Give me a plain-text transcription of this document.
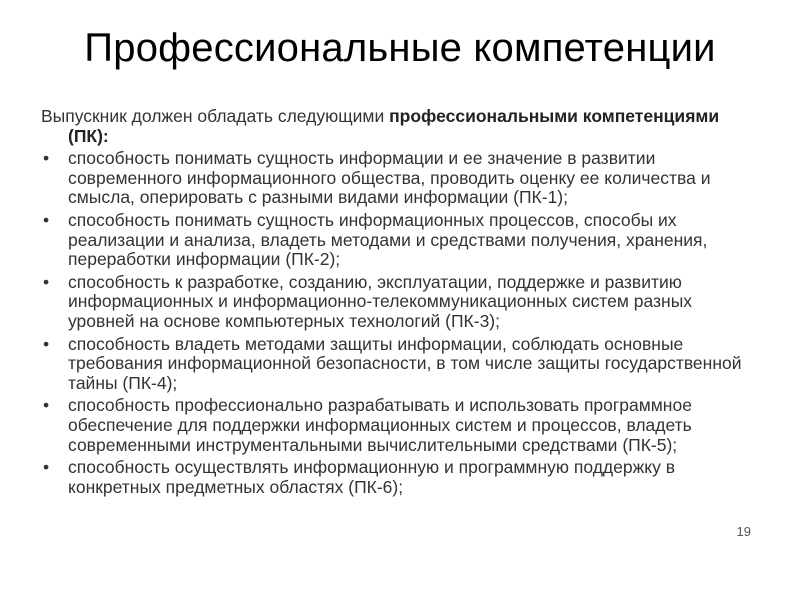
Профессиональные компетенции

Выпускник должен обладать следующими профессиональными компетенциями (ПК):

• способность понимать сущность информации и ее значение в развитии современного информационного общества, проводить оценку ее количества и смысла, оперировать с разными видами информации (ПК-1);
• способность понимать сущность информационных процессов, способы их реализации и анализа, владеть методами и средствами получения, хранения, переработки информации (ПК-2);
• способность к разработке, созданию, эксплуатации, поддержке и развитию информационных и информационно-телекоммуникационных систем разных уровней на основе компьютерных технологий (ПК-3);
• способность владеть методами защиты информации, соблюдать основные требования информационной безопасности, в том числе защиты государственной тайны (ПК-4);
• способность профессионально разрабатывать и использовать программное обеспечение для поддержки информационных систем и процессов, владеть современными инструментальными вычислительными средствами (ПК-5);
• способность осуществлять информационную и программную поддержку в конкретных предметных областях (ПК-6);
19
